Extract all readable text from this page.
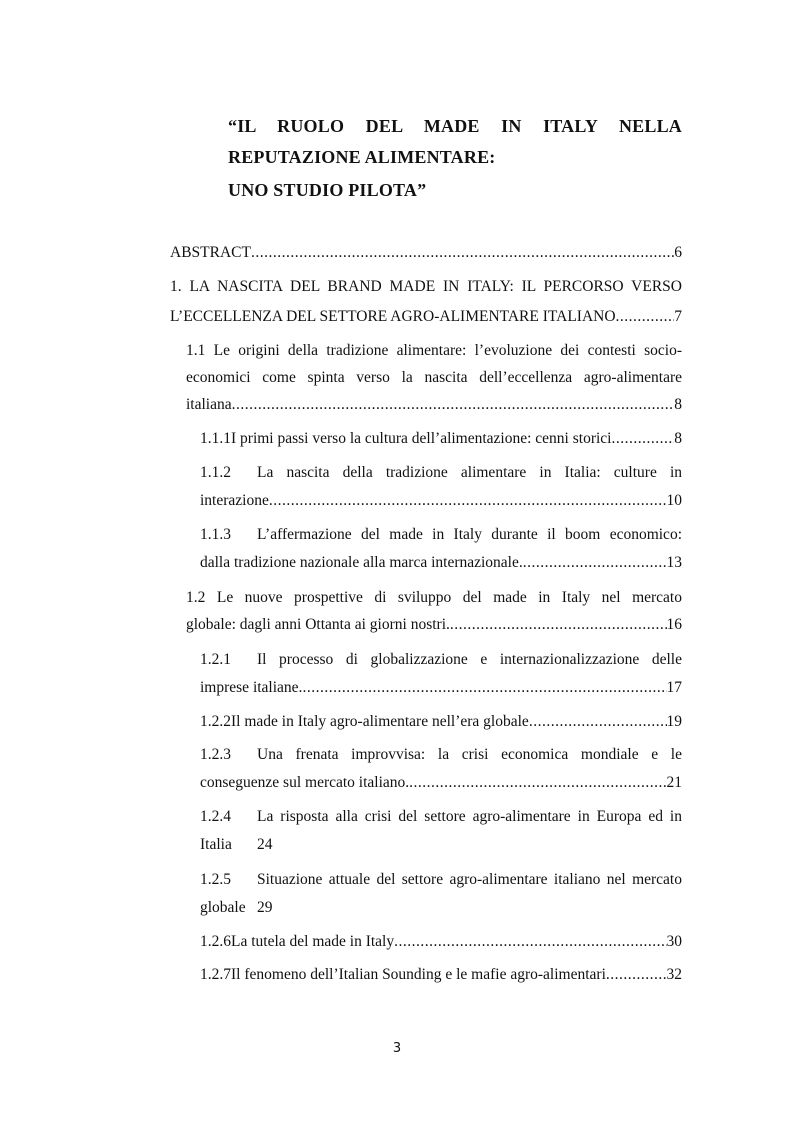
“IL RUOLO DEL MADE IN ITALY NELLA
REPUTAZIONE ALIMENTARE:
UNO STUDIO PILOTA”
ABSTRACT .....	6
1. LA NASCITA DEL BRAND MADE IN ITALY: IL PERCORSO VERSO
L’ECCELLENZA DEL SETTORE AGRO-ALIMENTARE ITALIANO .....	7
1.1 Le origini della tradizione alimentare: l’evoluzione dei contesti socio-
economici come spinta verso la nascita dell’eccellenza agro-alimentare
italiana .....	8
1.1.1 I primi passi verso la cultura dell’alimentazione: cenni storici .....	8
1.1.2	La nascita della tradizione alimentare in Italia: culture in
interazione .....	10
1.1.3	L’affermazione del made in Italy durante il boom economico:
dalla tradizione nazionale alla marca internazionale. .....	13
1.2 Le nuove prospettive di sviluppo del made in Italy nel mercato
globale: dagli anni Ottanta ai giorni nostri. .....	16
1.2.1	Il processo di globalizzazione e internazionalizzazione delle
imprese italiane. .....	17
1.2.2 Il made in Italy agro-alimentare nell’era globale .....	19
1.2.3	Una frenata improvvisa: la crisi economica mondiale e le
conseguenze sul mercato italiano. .....	21
1.2.4	La risposta alla crisi del settore agro-alimentare in Europa ed in
Italia 24
1.2.5	Situazione attuale del settore agro-alimentare italiano nel mercato
globale 29
1.2.6 La tutela del made in Italy .....	30
1.2.7 Il fenomeno dell’Italian Sounding e le mafie agro-alimentari .....	32
3
